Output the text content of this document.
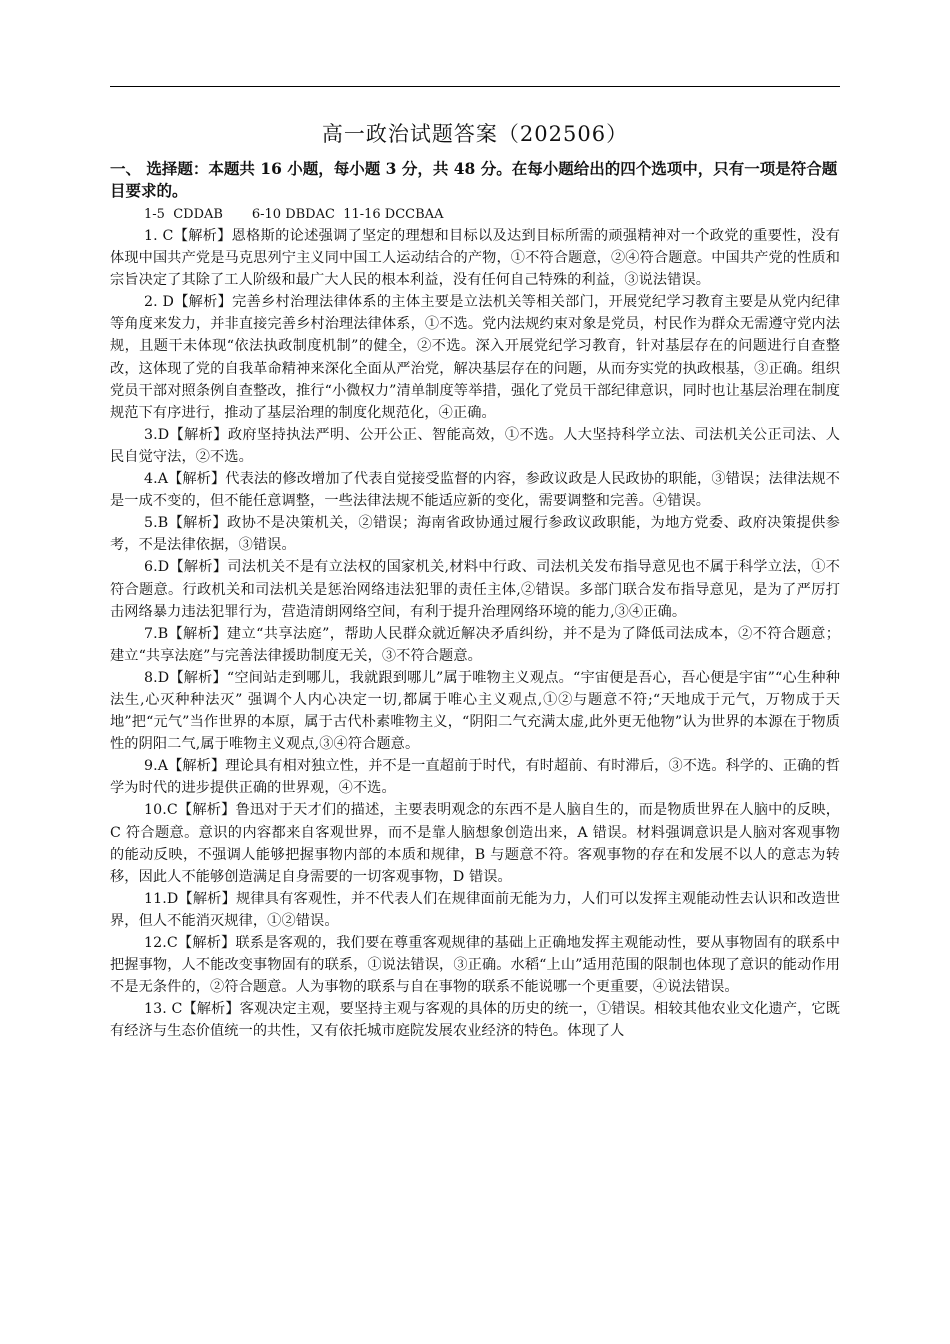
高一政治试题答案（202506）

一、 选择题：本题共 16 小题，每小题 3 分，共 48 分。在每小题给出的四个选项中，只有一项是符合题目要求的。

1-5  CDDAB       6-10 DBDAC  11-16 DCCBAA

1. C【解析】恩格斯的论述强调了坚定的理想和目标以及达到目标所需的顽强精神对一个政党的重要性，没有体现中国共产党是马克思列宁主义同中国工人运动结合的产物，①不符合题意，②④符合题意。中国共产党的性质和宗旨决定了其除了工人阶级和最广大人民的根本利益，没有任何自己特殊的利益，③说法错误。

2. D【解析】完善乡村治理法律体系的主体主要是立法机关等相关部门，开展党纪学习教育主要是从党内纪律等角度来发力，并非直接完善乡村治理法律体系，①不选。党内法规约束对象是党员，村民作为群众无需遵守党内法规，且题干未体现“依法执政制度机制”的健全，②不选。深入开展党纪学习教育，针对基层存在的问题进行自查整改，这体现了党的自我革命精神来深化全面从严治党，解决基层存在的问题，从而夯实党的执政根基，③正确。组织党员干部对照条例自查整改，推行“小微权力”清单制度等举措，强化了党员干部纪律意识，同时也让基层治理在制度规范下有序进行，推动了基层治理的制度化规范化，④正确。

3.D【解析】政府坚持执法严明、公开公正、智能高效，①不选。人大坚持科学立法、司法机关公正司法、人民自觉守法，②不选。

4.A【解析】代表法的修改增加了代表自觉接受监督的内容，参政议政是人民政协的职能，③错误；法律法规不是一成不变的，但不能任意调整，一些法律法规不能适应新的变化，需要调整和完善。④错误。

5.B【解析】政协不是决策机关，②错误；海南省政协通过履行参政议政职能，为地方党委、政府决策提供参考，不是法律依据，③错误。

6.D【解析】司法机关不是有立法权的国家机关,材料中行政、司法机关发布指导意见也不属于科学立法，①不符合题意。行政机关和司法机关是惩治网络违法犯罪的责任主体,②错误。多部门联合发布指导意见，是为了严厉打击网络暴力违法犯罪行为，营造清朗网络空间，有利于提升治理网络环境的能力,③④正确。

7.B【解析】建立“共享法庭”，帮助人民群众就近解决矛盾纠纷，并不是为了降低司法成本，②不符合题意；建立“共享法庭”与完善法律援助制度无关，③不符合题意。

8.D【解析】“空间站走到哪儿，我就跟到哪儿”属于唯物主义观点。“宇宙便是吾心，吾心便是宇宙”“心生种种法生,心灭种种法灭” 强调个人内心决定一切,都属于唯心主义观点,①②与题意不符;“天地成于元气，万物成于天地”把“元气”当作世界的本原，属于古代朴素唯物主义，“阴阳二气充满太虚,此外更无他物”认为世界的本源在于物质性的阴阳二气,属于唯物主义观点,③④符合题意。

9.A【解析】理论具有相对独立性，并不是一直超前于时代，有时超前、有时滞后，③不选。科学的、正确的哲学为时代的进步提供正确的世界观，④不选。

10.C【解析】鲁迅对于天才们的描述，主要表明观念的东西不是人脑自生的，而是物质世界在人脑中的反映，C 符合题意。意识的内容都来自客观世界，而不是靠人脑想象创造出来，A 错误。材料强调意识是人脑对客观事物的能动反映，不强调人能够把握事物内部的本质和规律，B 与题意不符。客观事物的存在和发展不以人的意志为转移，因此人不能够创造满足自身需要的一切客观事物，D 错误。

11.D【解析】规律具有客观性，并不代表人们在规律面前无能为力，人们可以发挥主观能动性去认识和改造世界，但人不能消灭规律，①②错误。

12.C【解析】联系是客观的，我们要在尊重客观规律的基础上正确地发挥主观能动性，要从事物固有的联系中把握事物，人不能改变事物固有的联系，①说法错误，③正确。水稻“上山”适用范围的限制也体现了意识的能动作用不是无条件的，②符合题意。人为事物的联系与自在事物的联系不能说哪一个更重要，④说法错误。

13. C【解析】客观决定主观，要坚持主观与客观的具体的历史的统一，①错误。相较其他农业文化遗产，它既有经济与生态价值统一的共性，又有依托城市庭院发展农业经济的特色。体现了人
